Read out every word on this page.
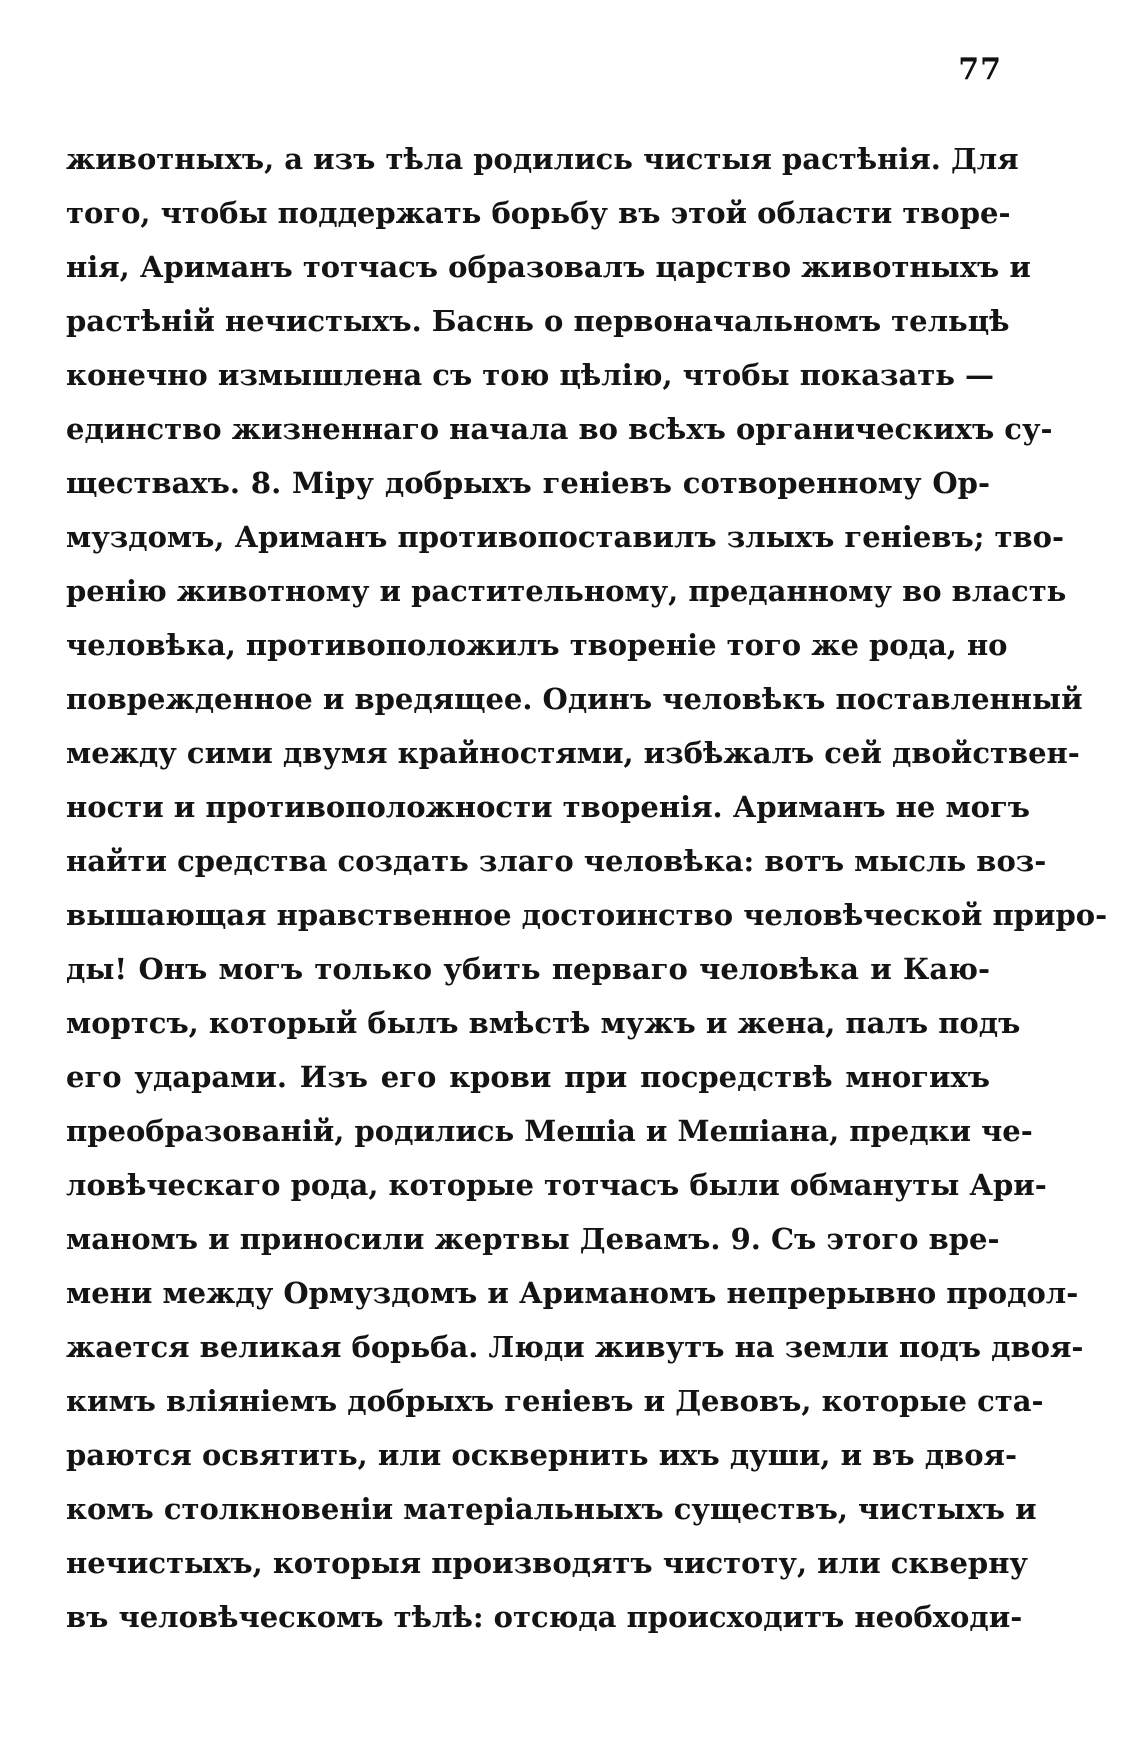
77
животныхъ, а изъ тѣла родились чистыя растѣнія. Для
того, чтобы поддержать борьбу въ этой области творе-
нія, Ариманъ тотчасъ образовалъ царство животныхъ и
растѣній нечистыхъ. Баснь о первоначальномъ тельцѣ
конечно измышлена съ тою цѣлію, чтобы показать —
единство жизненнаго начала во всѣхъ органическихъ су-
ществахъ. 8. Міру добрыхъ геніевъ сотворенному Ор-
муздомъ, Ариманъ противопоставилъ злыхъ геніевъ; тво-
ренію животному и растительному, преданному во власть
человѣка, противоположилъ твореніе того же рода, но
поврежденное и вредящее. Одинъ человѣкъ поставленный
между сими двумя крайностями, избѣжалъ сей двойствен-
ности и противоположности творенія. Ариманъ не могъ
найти средства создать злаго человѣка: вотъ мысль воз-
вышающая нравственное достоинство человѣческой приро-
ды! Онъ могъ только убить перваго человѣка и Каю-
мортсъ, который былъ вмѣстѣ мужъ и жена, палъ подъ
его ударами. Изъ его крови при посредствѣ многихъ
преобразованій, родились Мешіа и Мешіана, предки че-
ловѣческаго рода, которые тотчасъ были обмануты Ари-
маномъ и приносили жертвы Девамъ. 9. Съ этого вре-
мени между Ормуздомъ и Ариманомъ непрерывно продол-
жается великая борьба. Люди живутъ на земли подъ двоя-
кимъ вліяніемъ добрыхъ геніевъ и Девовъ, которые ста-
раются освятить, или осквернить ихъ души, и въ двоя-
комъ столкновеніи матеріальныхъ существъ, чистыхъ и
нечистыхъ, которыя производятъ чистоту, или скверну
въ человѣческомъ тѣлѣ: отсюда происходитъ необходи-
